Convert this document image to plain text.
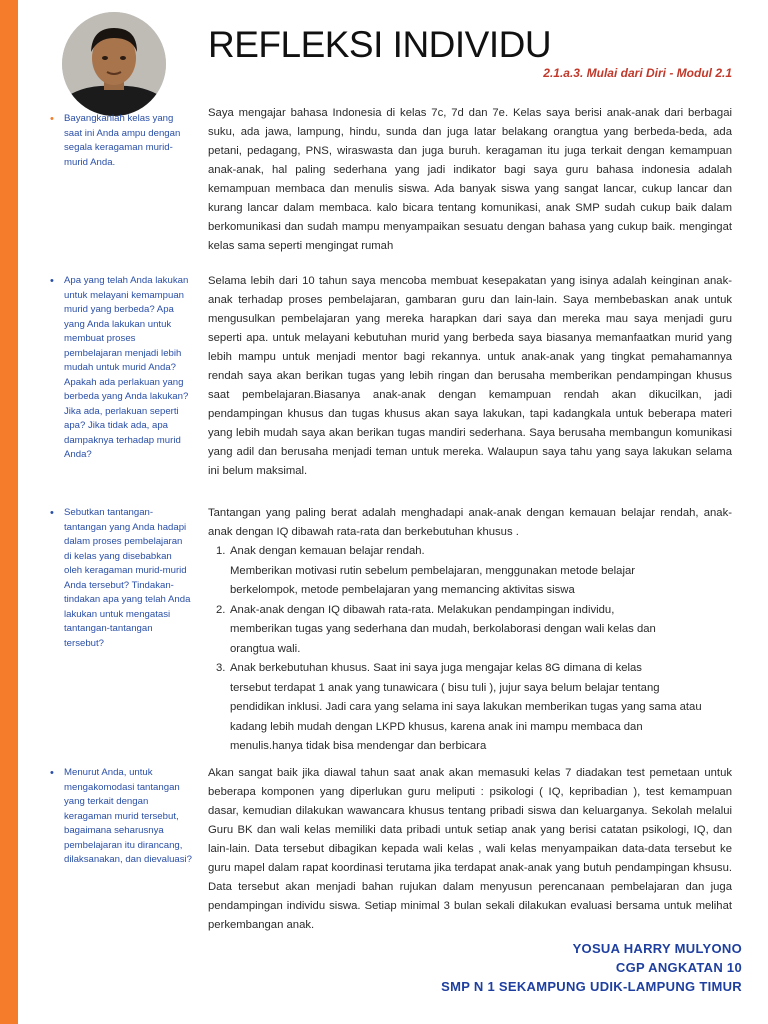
REFLEKSI INDIVIDU
2.1.a.3. Mulai dari Diri - Modul 2.1

• Bayangkanlah kelas yang saat ini Anda ampu dengan segala keragaman murid-murid Anda.

• Apa yang telah Anda lakukan untuk melayani kemampuan murid yang berbeda? Apa yang Anda lakukan untuk membuat proses pembelajaran menjadi lebih mudah untuk murid Anda? Apakah ada perlakuan yang berbeda yang Anda lakukan? Jika ada, perlakuan seperti apa? Jika tidak ada, apa dampaknya terhadap murid Anda?

• Sebutkan tantangan-tantangan yang Anda hadapi dalam proses pembelajaran di kelas yang disebabkan oleh keragaman murid-murid Anda tersebut? Tindakan-tindakan apa yang telah Anda lakukan untuk mengatasi tantangan-tantangan tersebut?

• Menurut Anda, untuk mengakomodasi tantangan yang terkait dengan keragaman murid tersebut, bagaimana seharusnya pembelajaran itu dirancang, dilaksanakan, dan dievaluasi?

Saya mengajar bahasa Indonesia di kelas 7c, 7d dan 7e. Kelas saya berisi anak-anak dari berbagai suku, ada jawa, lampung, hindu, sunda dan juga latar belakang orangtua yang berbeda-beda, ada petani, pedagang, PNS, wiraswasta dan juga buruh. keragaman itu juga terkait dengan kemampuan anak-anak, hal paling sederhana yang jadi indikator bagi saya guru bahasa indonesia adalah kemampuan membaca dan menulis siswa. Ada banyak siswa yang sangat lancar, cukup lancar dan kurang lancar dalam membaca. kalo bicara tentang komunikasi, anak SMP sudah cukup baik dalam berkomunikasi dan sudah mampu menyampaikan sesuatu dengan bahasa yang cukup baik. mengingat kelas sama seperti mengingat rumah

Selama lebih dari 10 tahun saya mencoba membuat kesepakatan yang isinya adalah keinginan anak-anak terhadap proses pembelajaran, gambaran guru dan lain-lain. Saya membebaskan anak untuk mengusulkan pembelajaran yang mereka harapkan dari saya dan mereka mau saya menjadi guru seperti apa. untuk melayani kebutuhan murid yang berbeda saya biasanya memanfaatkan murid yang lebih mampu untuk menjadi mentor bagi rekannya. untuk anak-anak yang tingkat pemahamannya rendah saya akan berikan tugas yang lebih ringan dan berusaha memberikan pendampingan khusus saat pembelajaran.Biasanya anak-anak dengan kemampuan rendah akan dikucilkan, jadi pendampingan khusus dan tugas khusus akan saya lakukan, tapi kadangkala untuk beberapa materi yang lebih mudah saya akan berikan tugas mandiri sederhana. Saya berusaha membangun komunikasi yang adil dan berusaha menjadi teman untuk mereka. Walaupun saya tahu yang saya lakukan selama ini belum maksimal.

Tantangan yang paling berat adalah menghadapi anak-anak dengan kemauan belajar rendah, anak-anak dengan IQ dibawah rata-rata dan berkebutuhan khusus .

1. Anak dengan kemauan belajar rendah.
Memberikan motivasi rutin sebelum pembelajaran, menggunakan metode belajar
berkelompok, metode pembelajaran yang memancing aktivitas siswa
2. Anak-anak dengan IQ dibawah rata-rata. Melakukan pendampingan individu,
memberikan tugas yang sederhana dan mudah, berkolaborasi dengan wali kelas dan
orangtua wali.
3. Anak berkebutuhan khusus. Saat ini saya juga mengajar kelas 8G dimana di kelas
tersebut terdapat 1 anak yang tunawicara ( bisu tuli ), jujur saya belum belajar tentang
pendidikan inklusi. Jadi cara yang selama ini saya lakukan memberikan tugas yang sama atau
kadang lebih mudah dengan LKPD khusus, karena anak ini mampu membaca dan
menulis.hanya tidak bisa mendengar dan berbicara

Akan sangat baik jika diawal tahun saat anak akan memasuki kelas 7 diadakan test pemetaan untuk beberapa komponen yang diperlukan guru meliputi : psikologi ( IQ, kepribadian ), test kemampuan dasar, kemudian dilakukan wawancara khusus tentang pribadi siswa dan keluarganya. Sekolah melalui Guru BK dan wali kelas memiliki data pribadi untuk setiap anak yang berisi catatan psikologi, IQ, dan lain-lain. Data tersebut dibagikan kepada wali kelas , wali kelas menyampaikan data-data tersebut ke guru mapel dalam rapat koordinasi terutama jika terdapat anak-anak yang butuh pendampingan khsusu. Data tersebut akan menjadi bahan rujukan dalam menyusun perencanaan pembelajaran dan juga pendampingan individu siswa. Setiap minimal 3 bulan sekali dilakukan evaluasi bersama untuk melihat perkembangan anak.

YOSUA HARRY MULYONO
CGP ANGKATAN 10
SMP N 1 SEKAMPUNG UDIK-LAMPUNG TIMUR
